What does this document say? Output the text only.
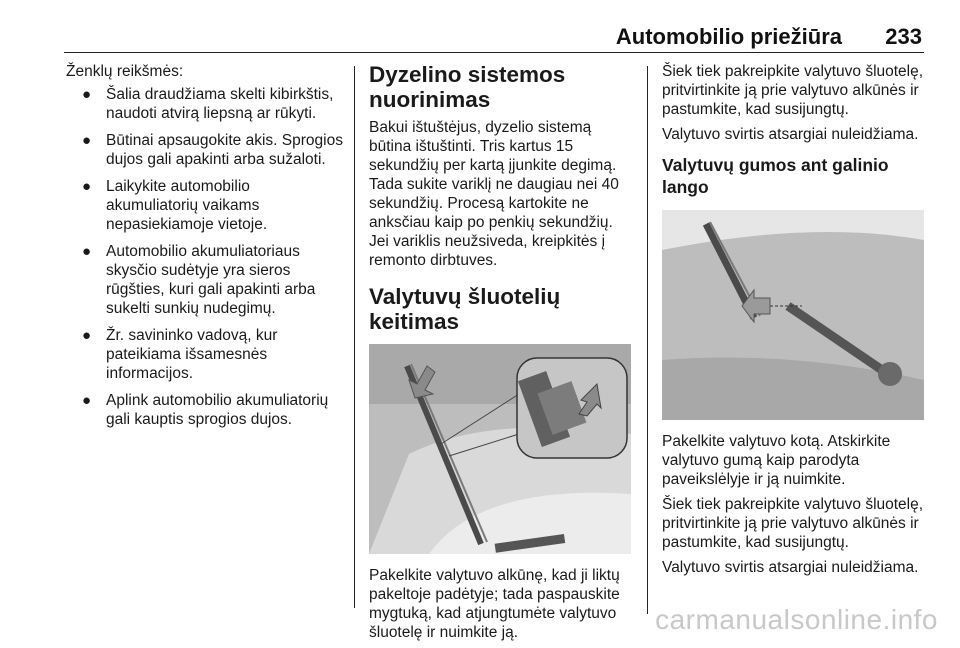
Automobilio priežiūra 233

Ženklų reikšmės:

● Šalia draudžiama skelti kibirkštis, naudoti atvirą liepsną ar rūkyti.
● Būtinai apsaugokite akis. Sprogios dujos gali apakinti arba sužaloti.
● Laikykite automobilio akumuliatorių vaikams nepasiekiamoje vietoje.
● Automobilio akumuliatoriaus skysčio sudėtyje yra sieros rūgšties, kuri gali apakinti arba sukelti sunkių nudegimų.
● Žr. savininko vadovą, kur pateikiama išsamesnės informacijos.
● Aplink automobilio akumuliatorių gali kauptis sprogios dujos.
Dyzelino sistemos nuorinimas

Bakui ištuštėjus, dyzelio sistemą būtina ištuštinti. Tris kartus 15 sekundžių per kartą įjunkite degimą. Tada sukite variklį ne daugiau nei 40 sekundžių. Procesą kartokite ne anksčiau kaip po penkių sekundžių. Jei variklis neužsiveda, kreipkitės į remonto dirbtuves.

Valytuvų šluotelių keitimas

Pakelkite valytuvo alkūnę, kad ji liktų pakeltoje padėtyje; tada paspauskite mygtuką, kad atjungtumėte valytuvo šluotelę ir nuimkite ją.

Šiek tiek pakreipkite valytuvo šluotelę, pritvirtinkite ją prie valytuvo alkūnės ir pastumkite, kad susijungtų.

Valytuvo svirtis atsargiai nuleidžiama.

Valytuvų gumos ant galinio lango

Pakelkite valytuvo kotą. Atskirkite valytuvo gumą kaip parodyta paveikslėlyje ir ją nuimkite.

Šiek tiek pakreipkite valytuvo šluotelę, pritvirtinkite ją prie valytuvo alkūnės ir pastumkite, kad susijungtų.

Valytuvo svirtis atsargiai nuleidžiama.

carmanualsonline.info
